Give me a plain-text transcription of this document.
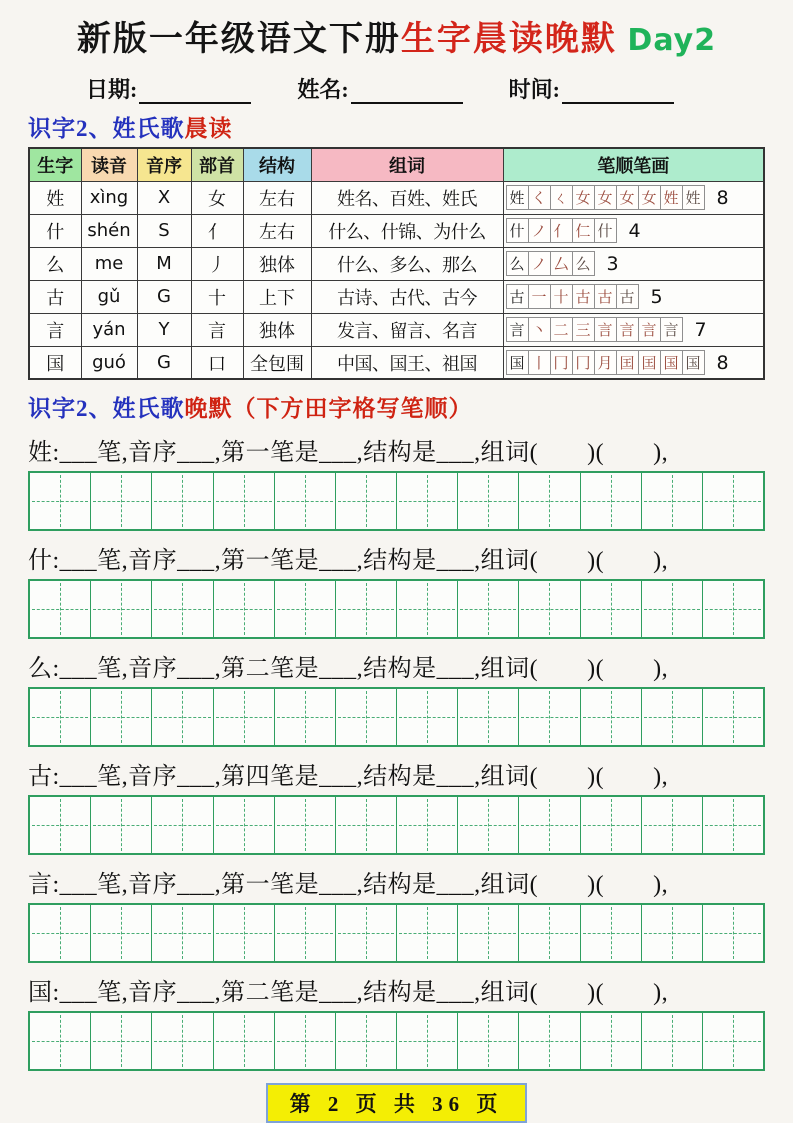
新版一年级语文下册生字晨读晚默 Day2
日期:	姓名:	时间:
识字2、姓氏歌晨读
生字	读音	音序	部首	结构	组词	笔顺笔画
姓	xìng	X	女	左右	姓名、百姓、姓氏	姓 く ㄑ 女 女 女 女 姓 姓 8
什	shén	S	亻	左右	什么、什锦、为什么	什 ノ 亻 仁 什 4
么	me	M	丿	独体	什么、多么、那么	么 ノ 厶 么 3
古	gǔ	G	十	上下	古诗、古代、古今	古 一 十 古 古 古 5
言	yán	Y	言	独体	发言、留言、名言	言 丶 二 三 言 言 言 言 7
国	guó	G	口	全包围	中国、国王、祖国	国 丨 冂 冂 月 囯 囯 国 国 8
识字2、姓氏歌晚默（下方田字格写笔顺）
姓:___笔,音序___,第一笔是___,结构是___,组词(　　)(　　),
什:___笔,音序___,第一笔是___,结构是___,组词(　　)(　　),
么:___笔,音序___,第二笔是___,结构是___,组词(　　)(　　),
古:___笔,音序___,第四笔是___,结构是___,组词(　　)(　　),
言:___笔,音序___,第一笔是___,结构是___,组词(　　)(　　),
国:___笔,音序___,第二笔是___,结构是___,组词(　　)(　　),
第 2 页 共 36 页
